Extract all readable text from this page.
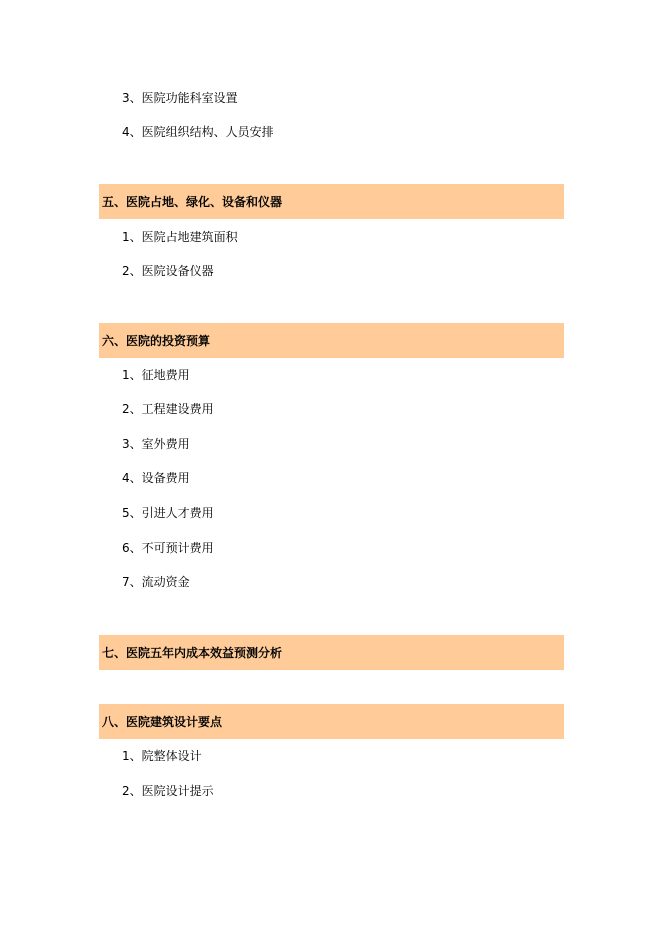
3、医院功能科室设置
4、医院组织结构、人员安排
五、医院占地、绿化、设备和仪器
1、医院占地建筑面积
2、医院设备仪器
六、医院的投资预算
1、征地费用
2、工程建设费用
3、室外费用
4、设备费用
5、引进人才费用
6、不可预计费用
7、流动资金
七、医院五年内成本效益预测分析
八、医院建筑设计要点
1、院整体设计
2、医院设计提示
